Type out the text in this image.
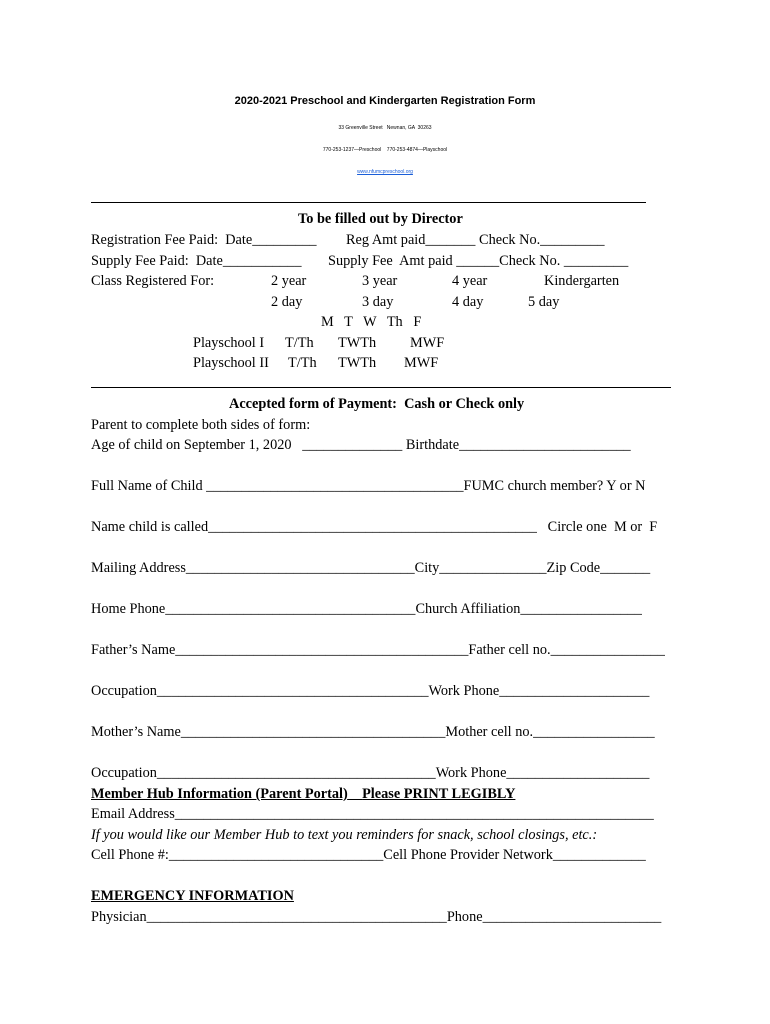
2020-2021 Preschool and Kindergarten Registration Form
33 Greenville Street   Newnan, GA  30263
770-253-1237—Preschool    770-253-4874—Playschool
www.nfumcpreschool.org
To be filled out by Director
Registration Fee Paid:  Date_________ Reg Amt paid_______ Check No._________
Supply Fee Paid:  Date___________ Supply Fee  Amt paid ______Check No. _________
Class Registered For:	2 year	3 year	4 year	Kindergarten
2 day	3 day	4 day	5 day
M   T   W   Th   F
Playschool I T/Th TWTh MWF
Playschool II T/Th TWTh MWF
Accepted form of Payment:  Cash or Check only
Parent to complete both sides of form:
Age of child on September 1, 2020   ______________ Birthdate________________________
Full Name of Child ____________________________________FUMC church member? Y or N
Name child is called______________________________________________   Circle one  M or  F
Mailing Address________________________________City_______________Zip Code_______
Home Phone___________________________________Church Affiliation_________________
Father’s Name_________________________________________Father cell no.________________
Occupation______________________________________Work Phone_____________________
Mother’s Name_____________________________________Mother cell no._________________
Occupation_______________________________________Work Phone____________________
Member Hub Information (Parent Portal) Please PRINT LEGIBLY
Email Address___________________________________________________________________
If you would like our Member Hub to text you reminders for snack, school closings, etc.:
Cell Phone #:______________________________Cell Phone Provider Network_____________
EMERGENCY INFORMATION
Physician__________________________________________Phone_________________________
